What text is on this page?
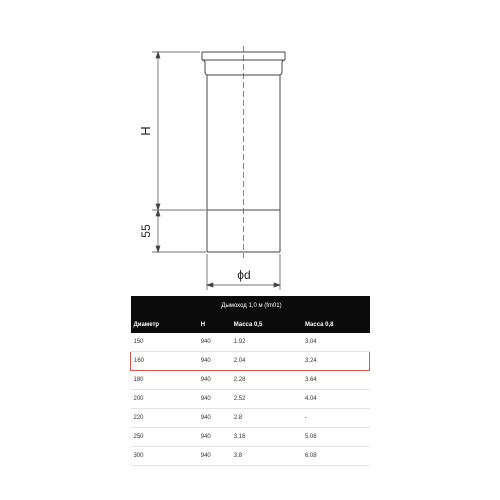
H
55
ϕd
Дымоход 1,0 м (fm01)			
Диаметр	H	Масса 0,5	Масса 0,8
150	940	1.92	3.04
160	940	2.04	3.24
180	940	2.28	3.64
200	940	2.52	4.04
220	940	2.8	-
250	940	3.16	5.08
300	940	3.8	6.08
